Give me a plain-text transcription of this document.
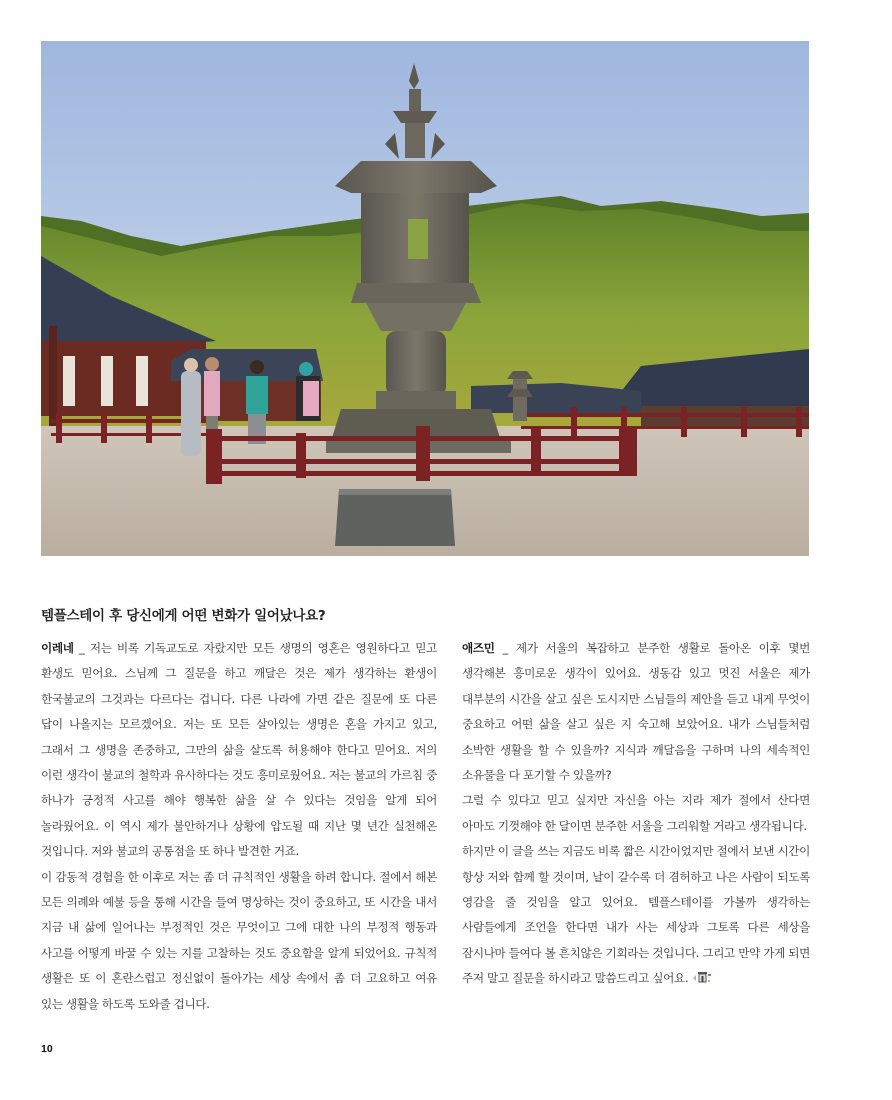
템플스테이 후 당신에게 어떤 변화가 일어났나요?

이레네 _ 저는 비록 기독교도로 자랐지만 모든 생명의 영혼은 영원하다고 믿고 환생도 믿어요. 스님께 그 질문을 하고 깨달은 것은 제가 생각하는 환생이 한국불교의 그것과는 다르다는 겁니다. 다른 나라에 가면 같은 질문에 또 다른 답이 나올지는 모르겠어요. 저는 또 모든 살아있는 생명은 혼을 가지고 있고, 그래서 그 생명을 존중하고, 그만의 삶을 살도록 허용해야 한다고 믿어요. 저의 이런 생각이 불교의 철학과 유사하다는 것도 흥미로웠어요. 저는 불교의 가르침 중 하나가 긍정적 사고를 해야 행복한 삶을 살 수 있다는 것임을 알게 되어 놀라웠어요. 이 역시 제가 불안하거나 상황에 압도될 때 지난 몇 년간 실천해온 것입니다. 저와 불교의 공통점을 또 하나 발견한 거죠.

이 감동적 경험을 한 이후로 저는 좀 더 규칙적인 생활을 하려 합니다. 절에서 해본 모든 의례와 예불 등을 통해 시간을 들여 명상하는 것이 중요하고, 또 시간을 내서 지금 내 삶에 일어나는 부정적인 것은 무엇이고 그에 대한 나의 부정적 행동과 사고를 어떻게 바꿀 수 있는 지를 고찰하는 것도 중요함을 알게 되었어요. 규칙적 생활은 또 이 혼란스럽고 정신없이 돌아가는 세상 속에서 좀 더 고요하고 여유 있는 생활을 하도록 도와줄 겁니다.

애즈민 _ 제가 서울의 복잡하고 분주한 생활로 돌아온 이후 몇번 생각해본 흥미로운 생각이 있어요. 생동감 있고 멋진 서울은 제가 대부분의 시간을 살고 싶은 도시지만 스님들의 제안을 듣고 내게 무엇이 중요하고 어떤 삶을 살고 싶은 지 숙고해 보았어요. 내가 스님들처럼 소박한 생활을 할 수 있을까? 지식과 깨달음을 구하며 나의 세속적인 소유물을 다 포기할 수 있을까?

그럴 수 있다고 믿고 싶지만 자신을 아는 지라 제가 절에서 산다면 아마도 기껏해야 한 달이면 분주한 서울을 그리워할 거라고 생각됩니다.

하지만 이 글을 쓰는 지금도 비록 짧은 시간이었지만 절에서 보낸 시간이 항상 저와 함께 할 것이며, 날이 갈수록 더 겸허하고 나은 사람이 되도록 영감을 줄 것임을 알고 있어요. 템플스테이를 가볼까 생각하는 사람들에게 조언을 한다면 내가 사는 세상과 그토록 다른 세상을 잠시나마 들여다 볼 흔치않은 기회라는 것입니다. 그리고 만약 가게 되면 주저 말고 질문을 하시라고 말씀드리고 싶어요.

10
